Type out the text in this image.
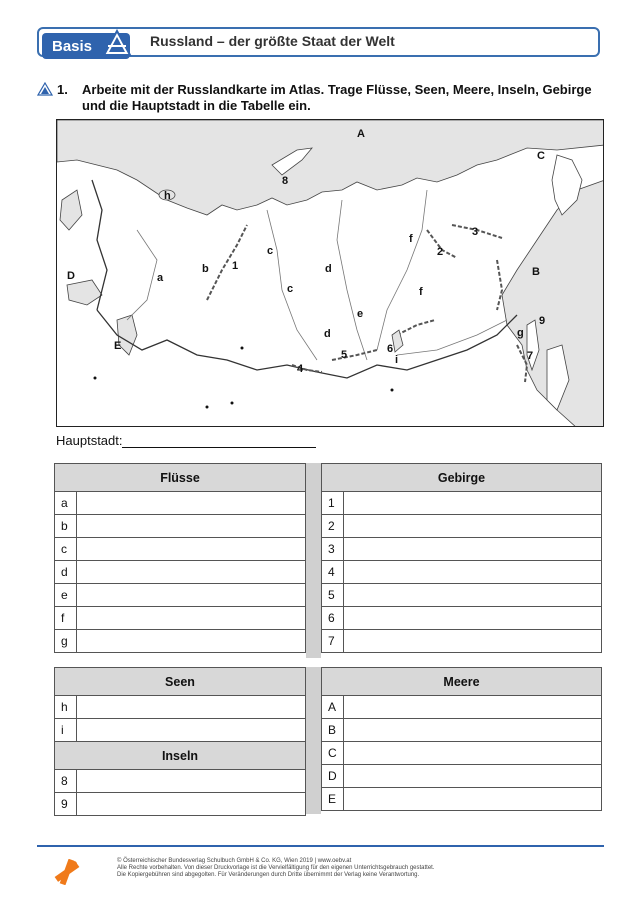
Basis	Russland – der größte Staat der Welt
1. Arbeite mit der Russlandkarte im Atlas. Trage Flüsse, Seen, Meere, Inseln, Gebirge und die Hauptstadt in die Tabelle ein.
A
C
8
h
f
3
2
c
1
b
a
d
D	B
c	f
e
9
d	g
E	6
5	7
i
4
Hauptstadt:
Flüsse	
a	
b	
c	
d	
e	
f	
g	
Gebirge	
1	
2	
3	
4	
5	
6	
7	
Seen	
h	
i	
Inseln	
8	
9	
Meere	
A	
B	
C	
D	
E	
© Österreichischer Bundesverlag Schulbuch GmbH & Co. KG, Wien 2019 | www.oebv.at
Alle Rechte vorbehalten. Von dieser Druckvorlage ist die Vervielfältigung für den eigenen Unterrichtsgebrauch gestattet.
Die Kopiergebühren sind abgegolten. Für Veränderungen durch Dritte übernimmt der Verlag keine Verantwortung.
